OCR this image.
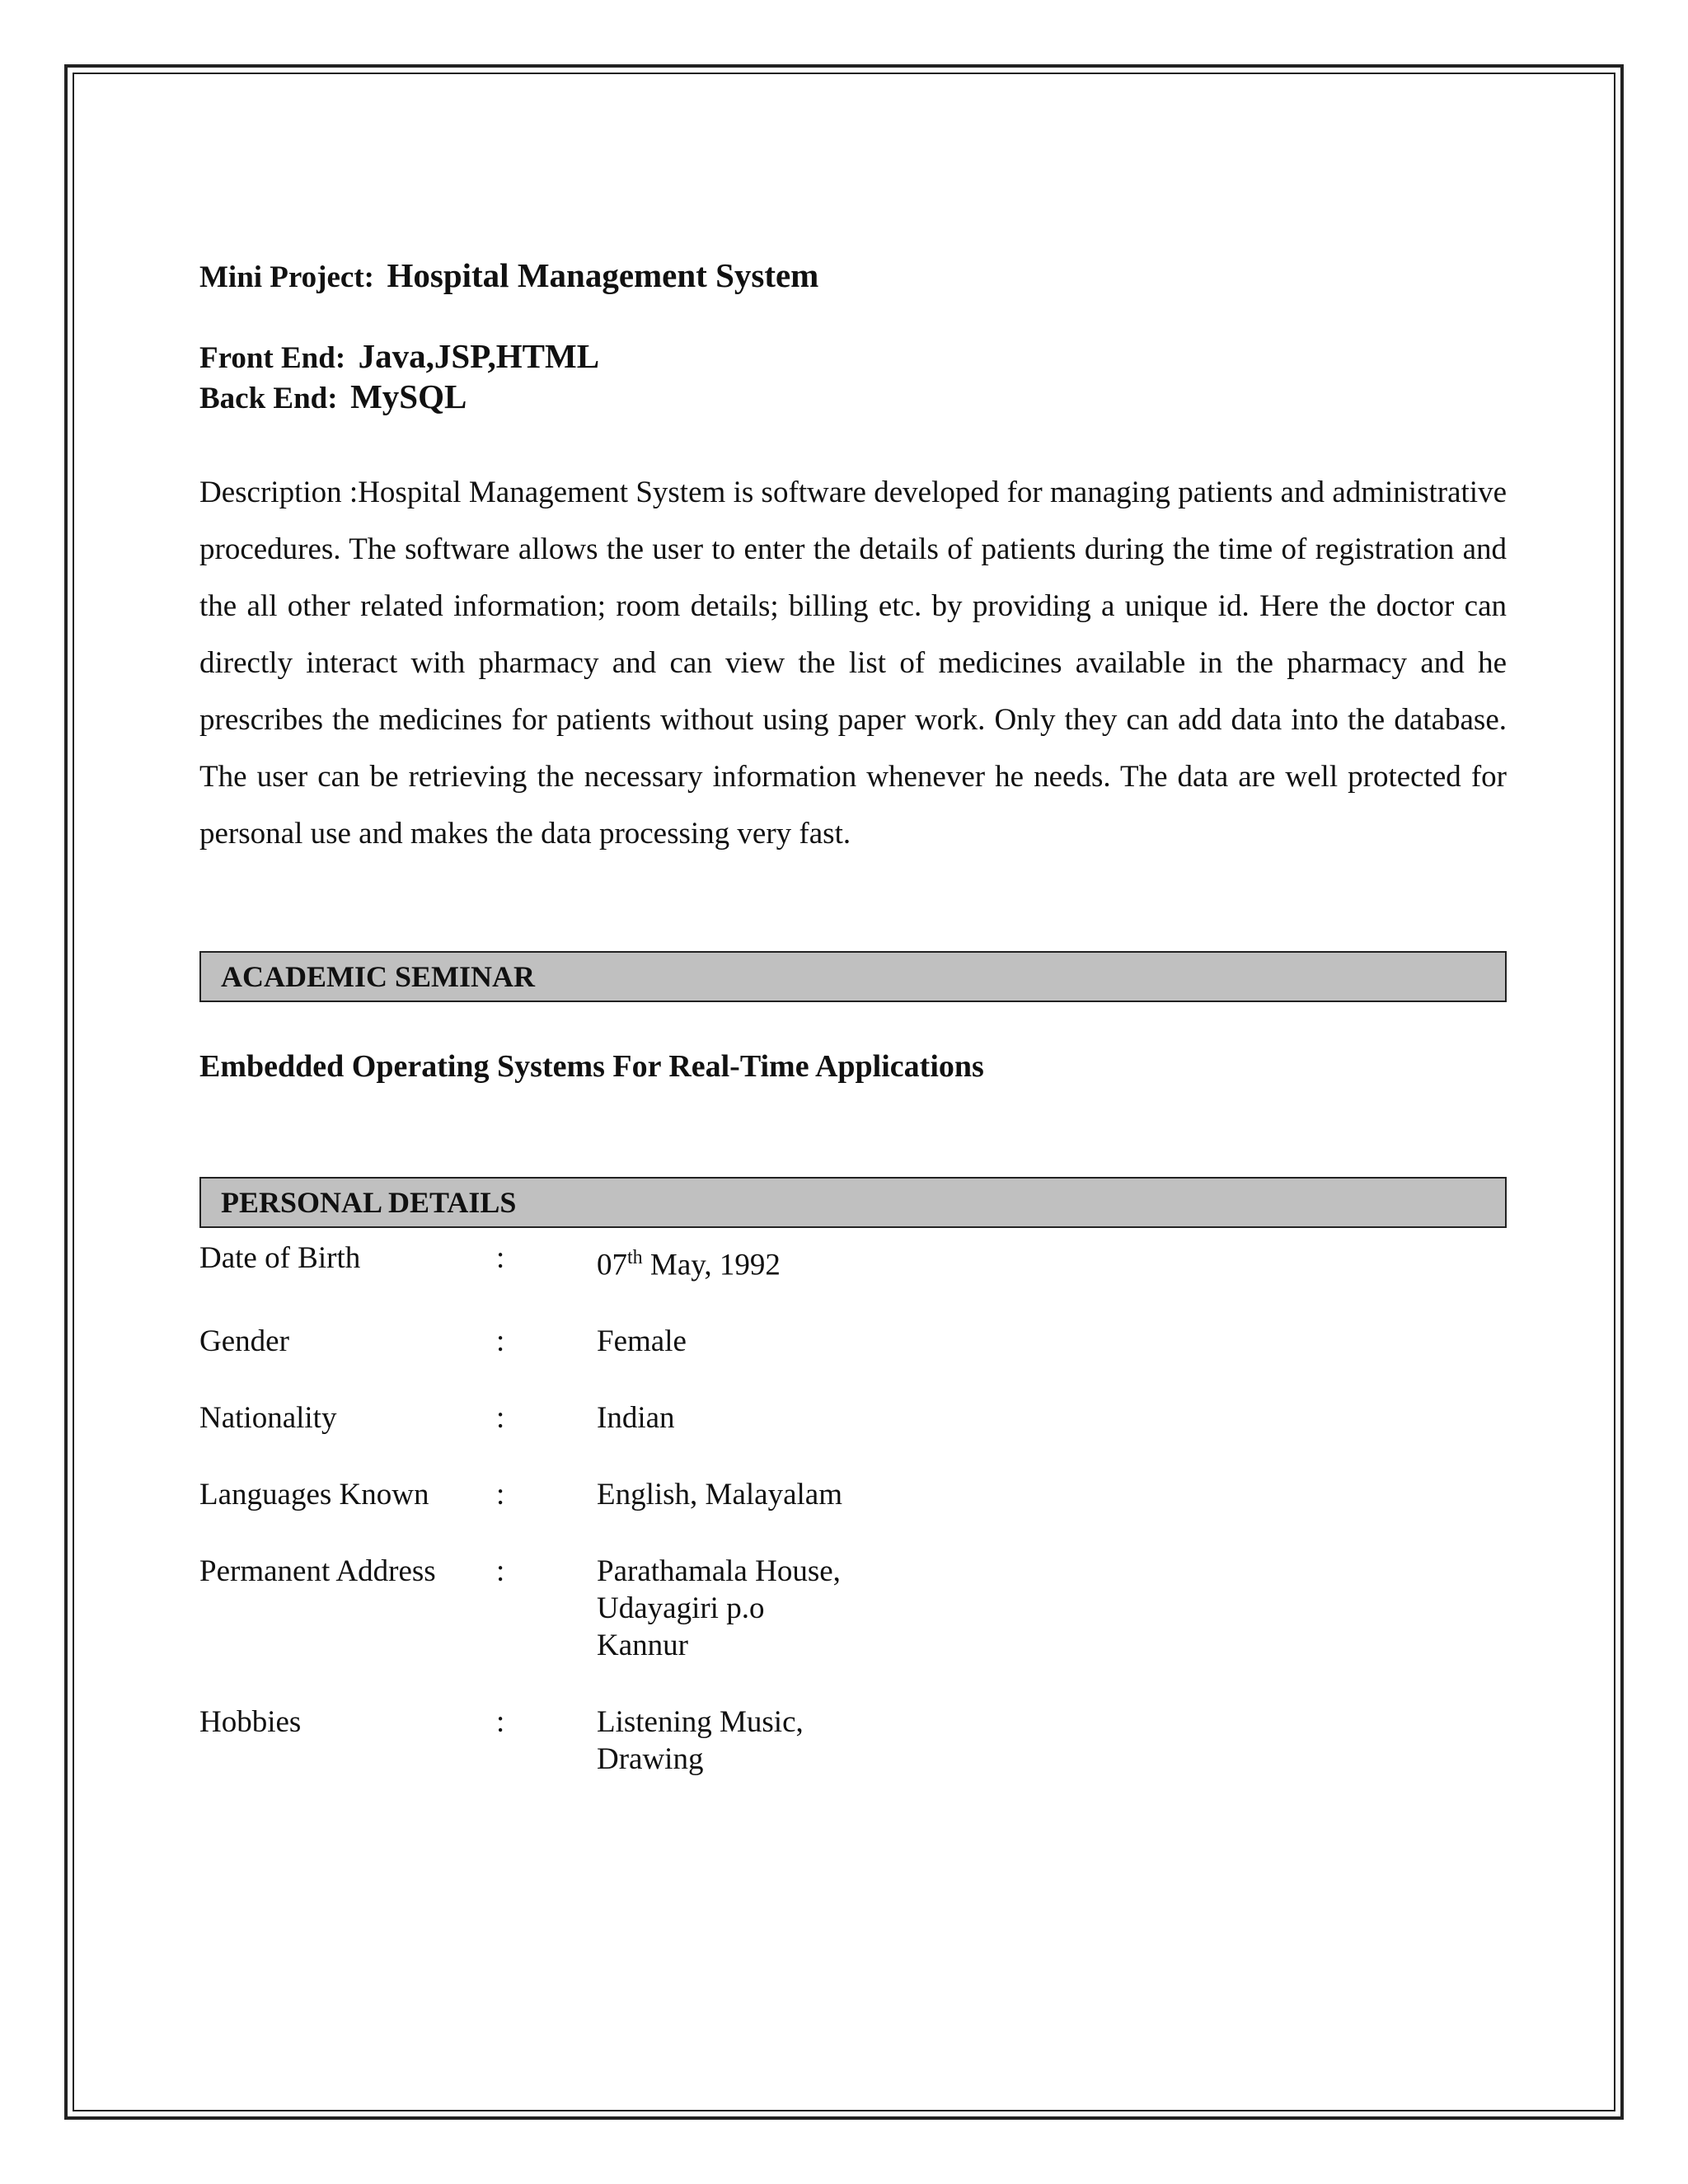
Mini Project: Hospital Management System

Front End: Java,JSP,HTML

Back End: MySQL

Description :Hospital Management System is software developed for managing patients and administrative procedures. The software allows the user to enter the details of patients during the time of registration and the all other related information; room details; billing etc. by providing a unique id. Here the doctor can directly interact with pharmacy and can view the list of medicines available in the pharmacy and he prescribes the medicines for patients without using paper work. Only they can add data into the database. The user can be retrieving the necessary information whenever he needs. The data are well protected for personal use and makes the data processing very fast.
ACADEMIC SEMINAR

Embedded Operating Systems For Real-Time Applications

PERSONAL DETAILS
Date of Birth	:	07th May, 1992
Gender	:	Female
Nationality	:	Indian
Languages Known	:	English, Malayalam
Permanent Address	:	Parathamala House,
Udayagiri p.o
Kannur
Hobbies	:	Listening Music,
Drawing
